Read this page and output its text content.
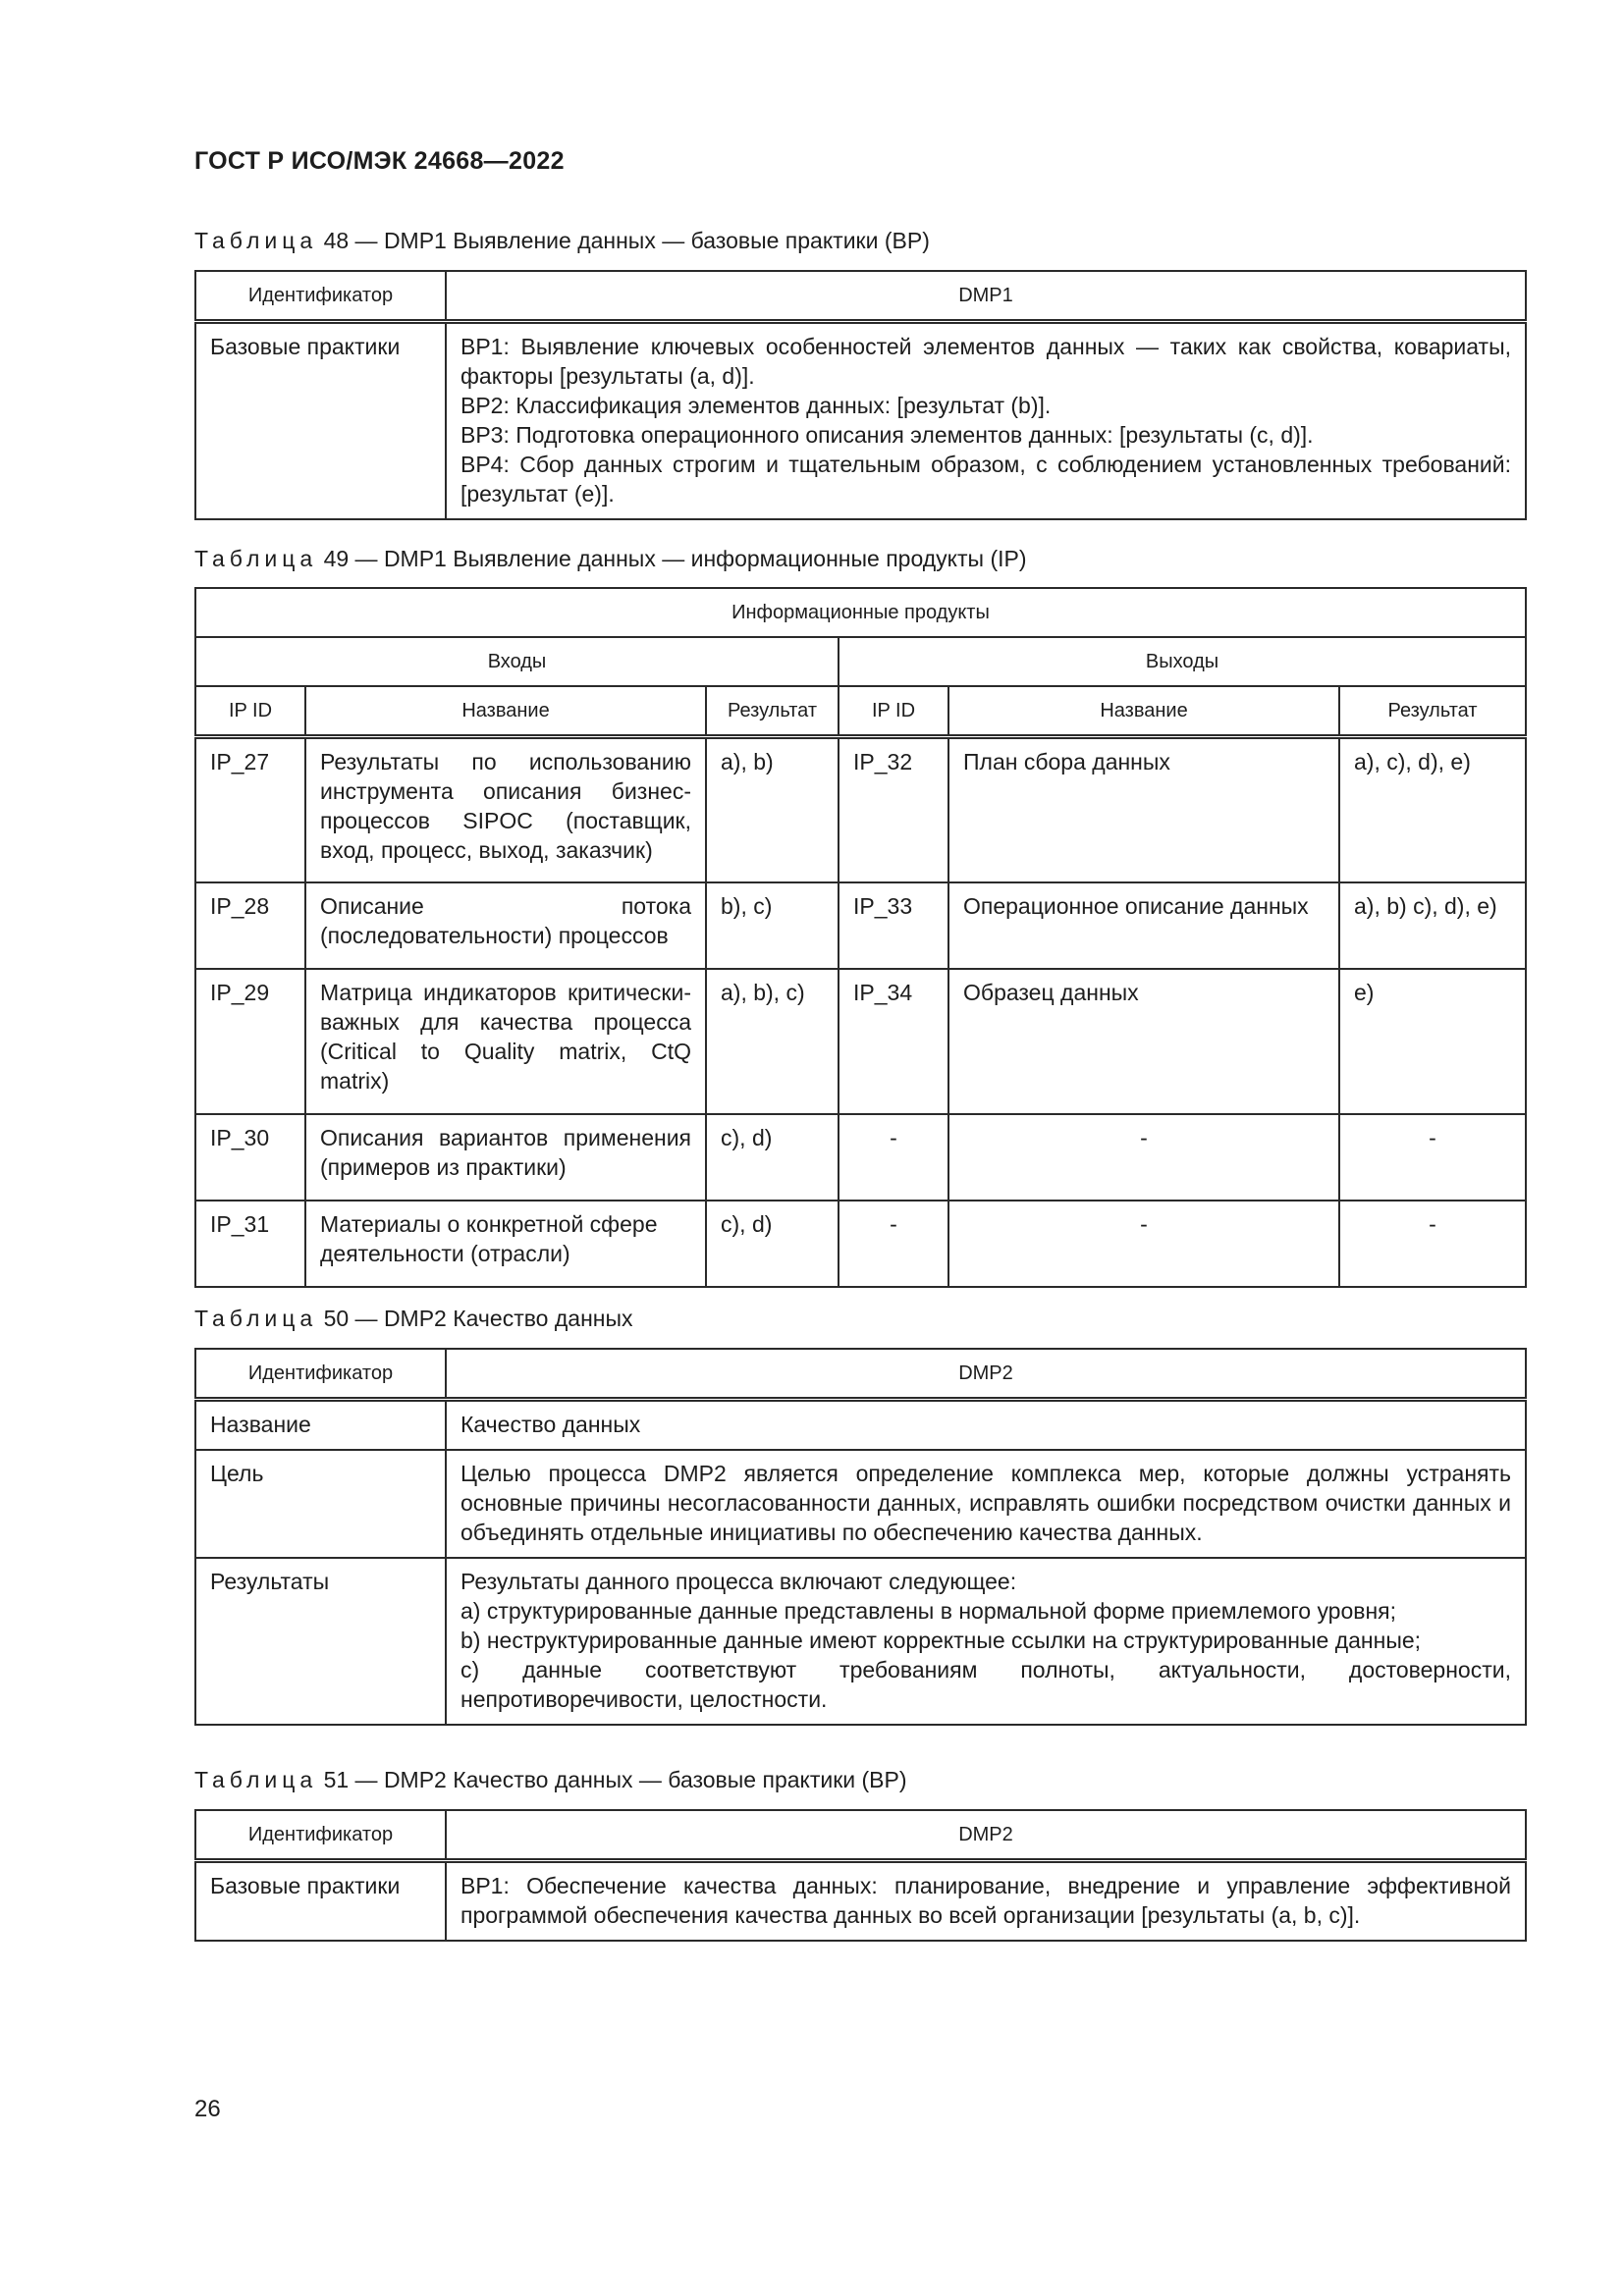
ГОСТ Р ИСО/МЭК 24668—2022
Таблица 48 — DMP1 Выявление данных — базовые практики (BP)
Идентификатор	DMP1
Базовые практики	BP1: Выявление ключевых особенностей элементов данных — таких как свойства, ковариаты, факторы [результаты (a, d)].
BP2: Классификация элементов данных: [результат (b)].
BP3: Подготовка операционного описания элементов данных: [результаты (c, d)].
BP4: Сбор данных строгим и тщательным образом, с соблюдением установленных требований: [результат (e)].
Таблица 49 — DMP1 Выявление данных — информационные продукты (IP)
Информационные продукты					
Входы			Выходы		
IP ID	Название	Результат	IP ID	Название	Результат
IP_27	Результаты по использованию инструмента описания бизнес-процессов SIPOC (поставщик, вход, процесс, выход, заказчик)	a), b)	IP_32	План сбора данных	a), c), d), e)
IP_28	Описание потока (последовательности) процессов	b), c)	IP_33	Операционное описание данных	a), b) c), d), e)
IP_29	Матрица индикаторов критически-важных для качества процесса (Critical to Quality matrix, CtQ matrix)	a), b), c)	IP_34	Образец данных	e)
IP_30	Описания вариантов применения (примеров из практики)	c), d)	-	-	-
IP_31	Материалы о конкретной сфере деятельности (отрасли)	c), d)	-	-	-
Таблица 50 — DMP2 Качество данных
Идентификатор	DMP2
Название	Качество данных
Цель	Целью процесса DMP2 является определение комплекса мер, которые должны устранять основные причины несогласованности данных, исправлять ошибки посредством очистки данных и объединять отдельные инициативы по обеспечению качества данных.
Результаты	Результаты данного процесса включают следующее:
a) структурированные данные представлены в нормальной форме приемлемого уровня;
b) неструктурированные данные имеют корректные ссылки на структурированные данные;
c) данные соответствуют требованиям полноты, актуальности, достоверности, непротиворечивости, целостности.
Таблица 51 — DMP2 Качество данных — базовые практики (BP)
Идентификатор	DMP2
Базовые практики	BP1: Обеспечение качества данных: планирование, внедрение и управление эффективной программой обеспечения качества данных во всей организации [результаты (a, b, c)].
26
